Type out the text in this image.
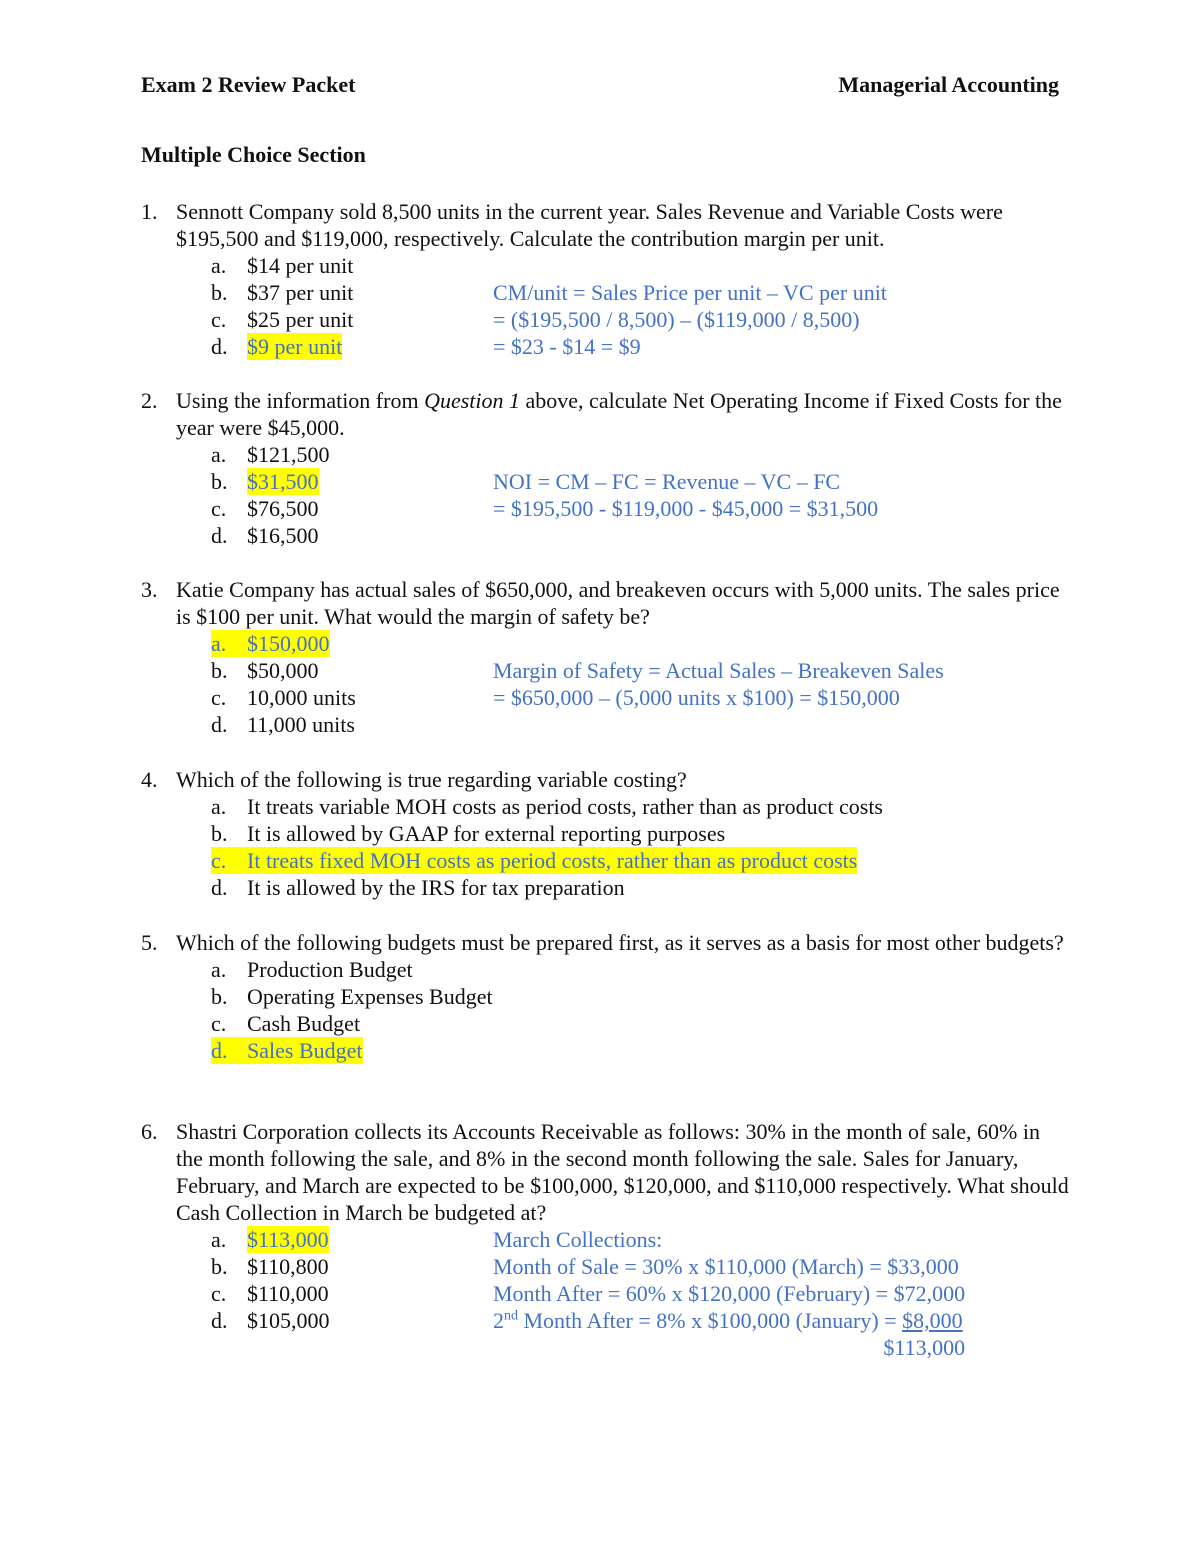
Exam 2 Review Packet	Managerial Accounting
Multiple Choice Section
1. Sennott Company sold 8,500 units in the current year. Sales Revenue and Variable Costs were $195,500 and $119,000, respectively. Calculate the contribution margin per unit.
a. $14 per unit
b. $37 per unit
c. $25 per unit
d. $9 per unit
CM/unit = Sales Price per unit – VC per unit
= ($195,500 / 8,500) – ($119,000 / 8,500)
= $23 - $14 = $9
2. Using the information from Question 1 above, calculate Net Operating Income if Fixed Costs for the year were $45,000.
a. $121,500
b. $31,500
c. $76,500
d. $16,500
NOI = CM – FC = Revenue – VC – FC
= $195,500 - $119,000 - $45,000 = $31,500
3. Katie Company has actual sales of $650,000, and breakeven occurs with 5,000 units. The sales price is $100 per unit. What would the margin of safety be?
a. $150,000
b. $50,000
c. 10,000 units
d. 11,000 units
Margin of Safety = Actual Sales – Breakeven Sales
= $650,000 – (5,000 units x $100) = $150,000
4. Which of the following is true regarding variable costing?
a. It treats variable MOH costs as period costs, rather than as product costs
b. It is allowed by GAAP for external reporting purposes
c. It treats fixed MOH costs as period costs, rather than as product costs
d. It is allowed by the IRS for tax preparation
5. Which of the following budgets must be prepared first, as it serves as a basis for most other budgets?
a. Production Budget
b. Operating Expenses Budget
c. Cash Budget
d. Sales Budget
6. Shastri Corporation collects its Accounts Receivable as follows: 30% in the month of sale, 60% in the month following the sale, and 8% in the second month following the sale. Sales for January, February, and March are expected to be $100,000, $120,000, and $110,000 respectively. What should Cash Collection in March be budgeted at?
a. $113,000
b. $110,800
c. $110,000
d. $105,000
March Collections:
Month of Sale = 30% x $110,000 (March) = $33,000
Month After = 60% x $120,000 (February) = $72,000
2nd Month After = 8% x $100,000 (January) = $8,000
$113,000
